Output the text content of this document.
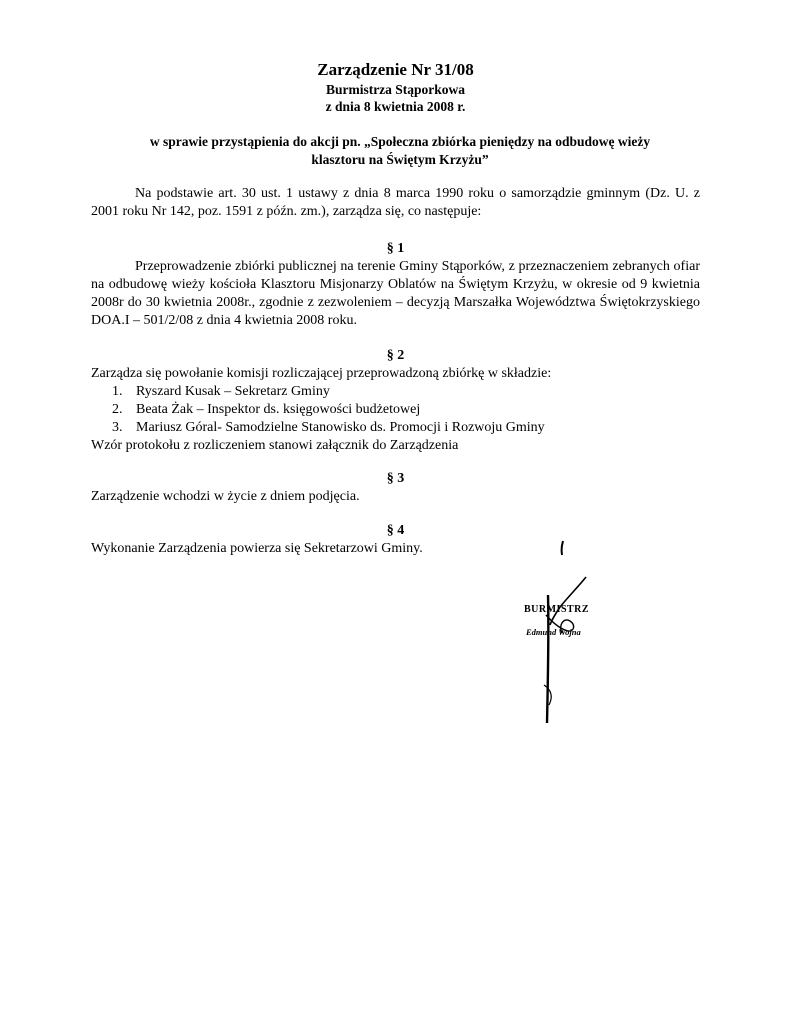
Zarządzenie Nr 31/08
Burmistrza Stąporkowa
z dnia 8 kwietnia 2008 r.
w sprawie przystąpienia do akcji pn. „Społeczna zbiórka pieniędzy na odbudowę wieży
klasztoru na Świętym Krzyżu”
Na podstawie art. 30 ust. 1 ustawy z dnia 8 marca 1990 roku o samorządzie gminnym (Dz. U. z 2001 roku Nr 142, poz. 1591 z późn. zm.), zarządza się, co następuje:
§ 1
Przeprowadzenie zbiórki publicznej na terenie Gminy Stąporków, z przeznaczeniem zebranych ofiar na odbudowę wieży kościoła Klasztoru Misjonarzy Oblatów na Świętym Krzyżu, w okresie od 9 kwietnia 2008r do 30 kwietnia 2008r., zgodnie z zezwoleniem – decyzją Marszałka Województwa Świętokrzyskiego DOA.I – 501/2/08 z dnia 4 kwietnia 2008 roku.
§ 2
Zarządza się powołanie komisji rozliczającej przeprowadzoną zbiórkę w składzie:
1. Ryszard Kusak – Sekretarz Gminy
2. Beata Żak – Inspektor ds. księgowości budżetowej
3. Mariusz Góral- Samodzielne Stanowisko ds. Promocji i Rozwoju Gminy
Wzór protokołu z rozliczeniem stanowi załącznik do Zarządzenia
§ 3
Zarządzenie wchodzi w życie z dniem podjęcia.
§ 4
Wykonanie Zarządzenia powierza się Sekretarzowi Gminy.
BURMISTRZ
Edmund Wojna
